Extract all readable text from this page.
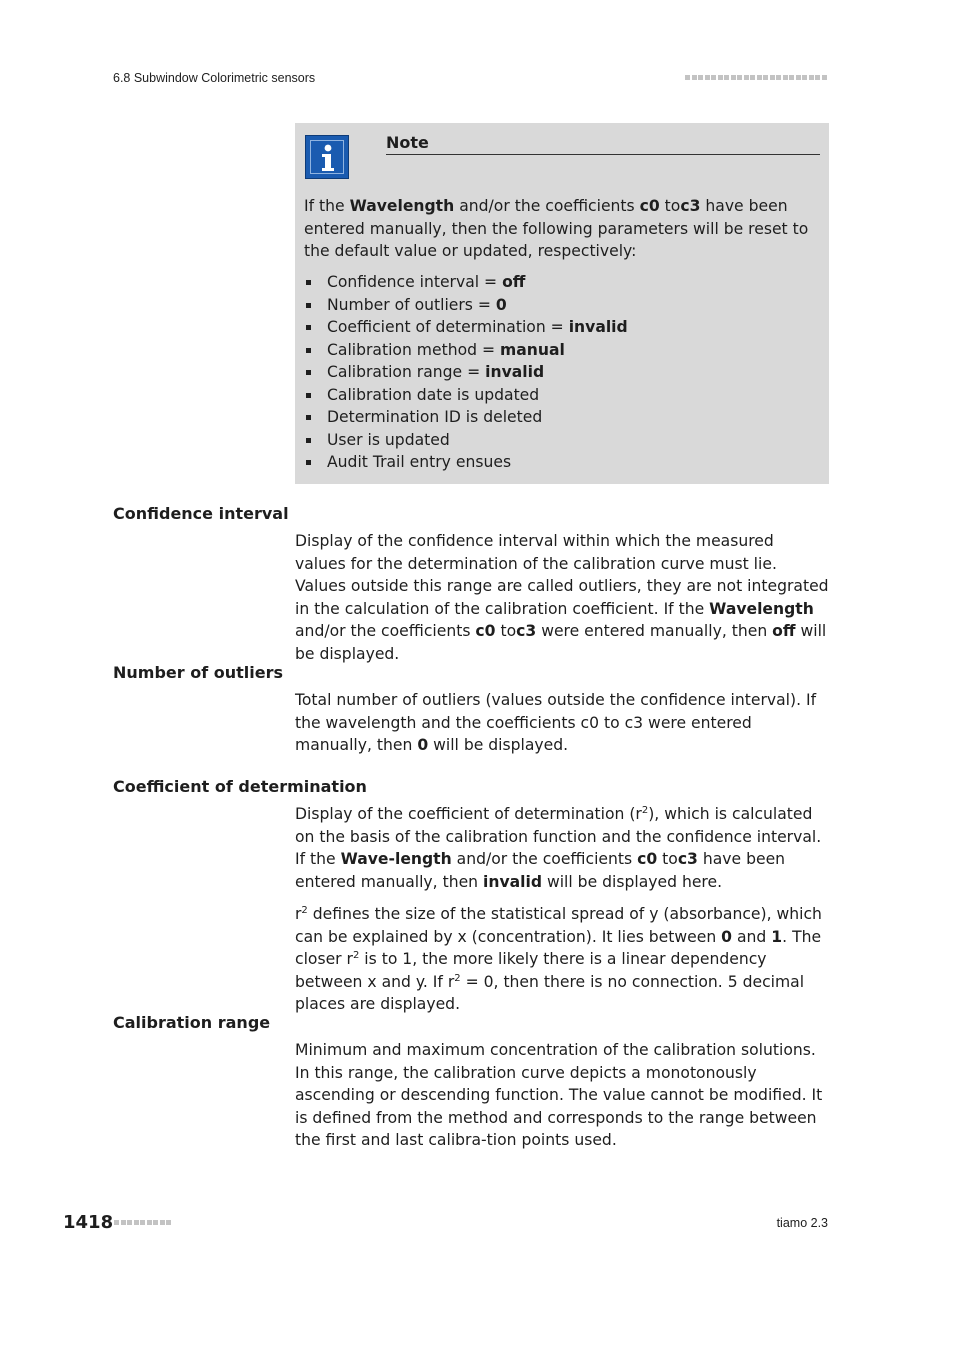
6.8 Subwindow Colorimetric sensors
Note
If the Wavelength and/or the coefficients c0 toc3 have been entered manually, then the following parameters will be reset to the default value or updated, respectively:
Confidence interval = off
Number of outliers = 0
Coefficient of determination = invalid
Calibration method = manual
Calibration range = invalid
Calibration date is updated
Determination ID is deleted
User is updated
Audit Trail entry ensues
Confidence interval
Display of the confidence interval within which the measured values for the determination of the calibration curve must lie. Values outside this range are called outliers, they are not integrated in the calculation of the calibration coefficient. If the Wavelength and/or the coefficients c0 toc3 were entered manually, then off will be displayed.
Number of outliers
Total number of outliers (values outside the confidence interval). If the wavelength and the coefficients c0 to c3 were entered manually, then 0 will be displayed.
Coefficient of determination
Display of the coefficient of determination $(r^2)$, which is calculated on the basis of the calibration function and the confidence interval. If the Wave-length and/or the coefficients c0 toc3 have been entered manually, then invalid will be displayed here.
$r^2$ defines the size of the statistical spread of y (absorbance), which can be explained by x (concentration). It lies between 0 and 1. The closer $r^2$ is to 1, the more likely there is a linear dependency between x and y. If $r^2 = 0$, then there is no connection. 5 decimal places are displayed.
Calibration range
Minimum and maximum concentration of the calibration solutions. In this range, the calibration curve depicts a monotonously ascending or descending function. The value cannot be modified. It is defined from the method and corresponds to the range between the first and last calibra-tion points used.
1418	tiamo 2.3
